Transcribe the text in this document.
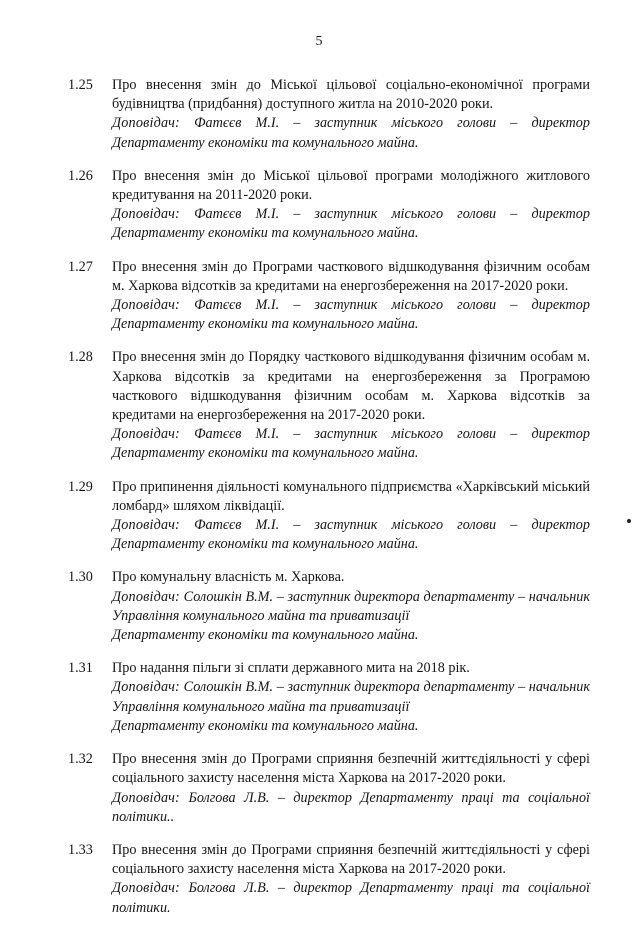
5
1.25 Про внесення змін до Міської цільової соціально-економічної програми будівництва (придбання) доступного житла на 2010-2020 роки.
Доповідач: Фатєєв М.І. – заступник міського голови – директор
Департаменту економіки та комунального майна.
1.26 Про внесення змін до Міської цільової програми молодіжного житлового кредитування на 2011-2020 роки.
Доповідач: Фатєєв М.І. – заступник міського голови – директор
Департаменту економіки та комунального майна.
1.27 Про внесення змін до Програми часткового відшкодування фізичним особам м. Харкова відсотків за кредитами на енергозбереження на 2017-2020 роки.
Доповідач: Фатєєв М.І. – заступник міського голови – директор
Департаменту економіки та комунального майна.
1.28 Про внесення змін до Порядку часткового відшкодування фізичним особам м. Харкова відсотків за кредитами на енергозбереження за Програмою часткового відшкодування фізичним особам м. Харкова відсотків за кредитами на енергозбереження на 2017-2020 роки.
Доповідач: Фатєєв М.І. – заступник міського голови – директор
Департаменту економіки та комунального майна.
1.29 Про припинення діяльності комунального підприємства «Харківський міський ломбард» шляхом ліквідації.
Доповідач: Фатєєв М.І. – заступник міського голови – директор
Департаменту економіки та комунального майна.
1.30 Про комунальну власність м. Харкова.
Доповідач: Солошкін В.М. – заступник директора департаменту – начальник Управління комунального майна та приватизації
Департаменту економіки та комунального майна.
1.31 Про надання пільги зі сплати державного мита на 2018 рік.
Доповідач: Солошкін В.М. – заступник директора департаменту – начальник Управління комунального майна та приватизації
Департаменту економіки та комунального майна.
1.32 Про внесення змін до Програми сприяння безпечній життєдіяльності у сфері соціального захисту населення міста Харкова на 2017-2020 роки.
Доповідач: Болгова Л.В. – директор Департаменту праці та соціальної політики..
1.33 Про внесення змін до Програми сприяння безпечній життєдіяльності у сфері соціального захисту населення міста Харкова на 2017-2020 роки.
Доповідач: Болгова Л.В. – директор Департаменту праці та соціальної політики.
